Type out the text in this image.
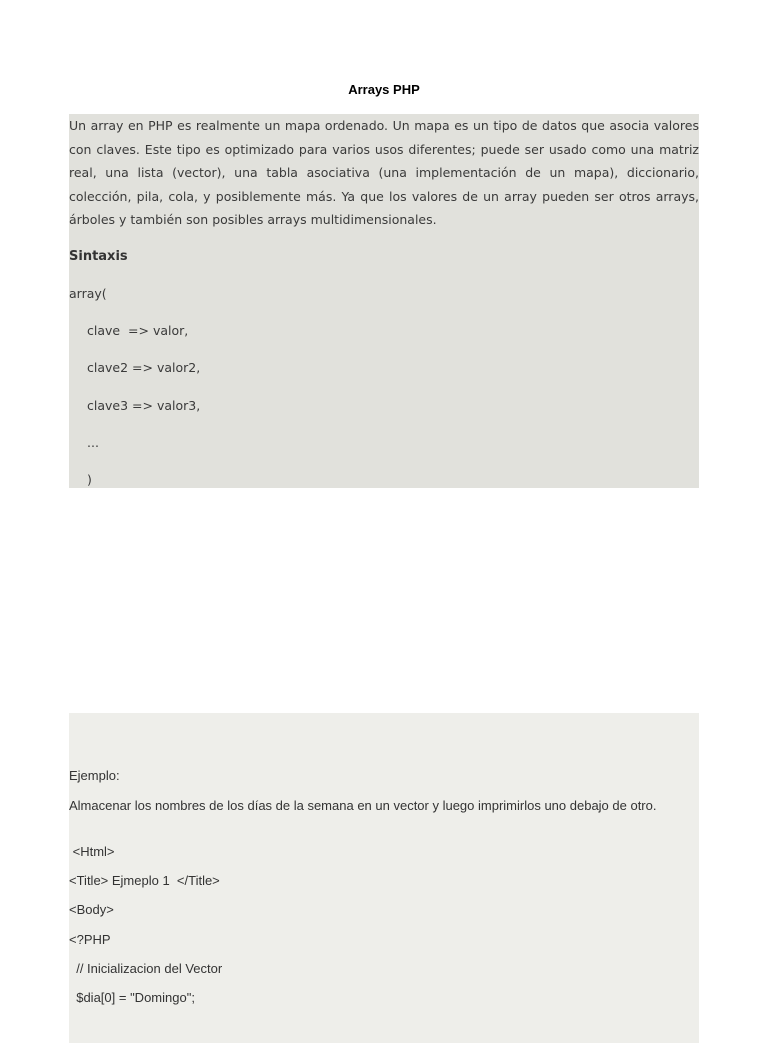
Arrays PHP

Un array en PHP es realmente un mapa ordenado. Un mapa es un tipo de datos que asocia valores con claves. Este tipo es optimizado para varios usos diferentes; puede ser usado como una matriz real, una lista (vector), una tabla asociativa (una implementación de un mapa), diccionario, colección, pila, cola, y posiblemente más. Ya que los valores de un array pueden ser otros arrays, árboles y también son posibles arrays multidimensionales.

Sintaxis
array(
clave  => valor,
clave2 => valor2,
clave3 => valor3,
...
)
Ejemplo:
Almacenar los nombres de los días de la semana en un vector y luego imprimirlos uno debajo de otro.
<Html>
<Title> Ejmeplo 1  </Title>
<Body>
<?PHP
// Inicializacion del Vector
$dia[0] = "Domingo";
